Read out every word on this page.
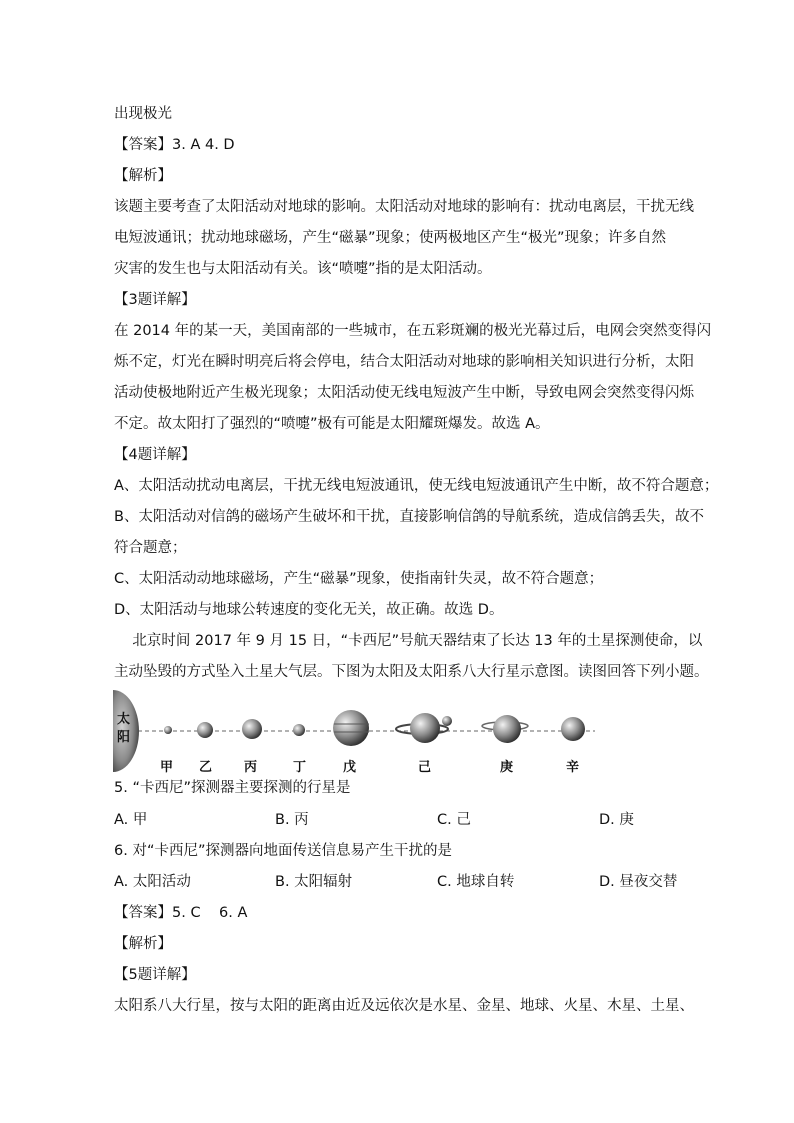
出现极光
【答案】3. A 4. D
【解析】
该题主要考查了太阳活动对地球的影响。太阳活动对地球的影响有：扰动电离层，干扰无线
电短波通讯；扰动地球磁场，产生“磁暴”现象；使两极地区产生“极光”现象；许多自然
灾害的发生也与太阳活动有关。该“喷嚏”指的是太阳活动。
【3题详解】
在 2014 年的某一天，美国南部的一些城市，在五彩斑斓的极光光幕过后，电网会突然变得闪
烁不定，灯光在瞬时明亮后将会停电，结合太阳活动对地球的影响相关知识进行分析，太阳
活动使极地附近产生极光现象；太阳活动使无线电短波产生中断，导致电网会突然变得闪烁
不定。故太阳打了强烈的“喷嚏”极有可能是太阳耀斑爆发。故选 A。
【4题详解】
A、太阳活动扰动电离层，干扰无线电短波通讯，使无线电短波通讯产生中断，故不符合题意；
B、太阳活动对信鸽的磁场产生破坏和干扰，直接影响信鸽的导航系统，造成信鸽丢失，故不
符合题意；
C、太阳活动动地球磁场，产生“磁暴”现象，使指南针失灵，故不符合题意；
D、太阳活动与地球公转速度的变化无关，故正确。故选 D。
北京时间 2017 年 9 月 15 日，“卡西尼”号航天器结束了长达 13 年的土星探测使命，以
主动坠毁的方式坠入土星大气层。下图为太阳及太阳系八大行星示意图。读图回答下列小题。
太
阳
甲 乙 丙	丁	戊	己	庚	辛
5. “卡西尼”探测器主要探测的行星是
A. 甲	B. 丙	C. 己	D. 庚
6. 对“卡西尼”探测器向地面传送信息易产生干扰的是
A. 太阳活动	B. 太阳辐射	C. 地球自转	D. 昼夜交替
【答案】5. C    6. A
【解析】
【5题详解】
太阳系八大行星，按与太阳的距离由近及远依次是水星、金星、地球、火星、木星、土星、
